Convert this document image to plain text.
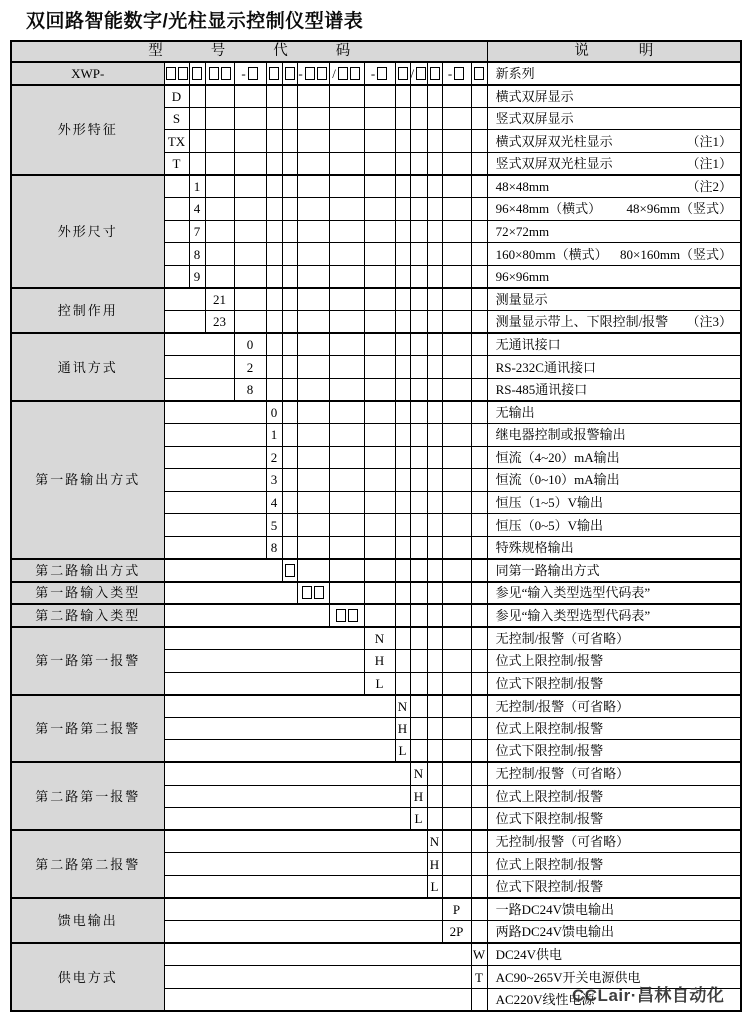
双回路智能数字/光柱显示控制仪型谱表
型号代码															说明
XWP-				-			-	/	-		/		-		新系列

外形特征	D														横式双屏显示

	S														竖式双屏显示

	TX														横式双屏双光柱显示 （注1）

	T														竖式双屏双光柱显示 （注1）

外形尺寸		1													48×48mm （注2）

		4													96×48mm（横式） 48×96mm（竖式）

		7													72×72mm

		8													160×80mm（横式） 80×160mm（竖式）

		9													96×96mm

控制作用			21												测量显示

			23												测量显示带上、下限控制/报警 （注3）

通讯方式				0											无通讯接口

				2											RS-232C通讯接口

				8											RS-485通讯接口

第一路输出方式					0										无输出

					1										继电器控制或报警输出

					2										恒流（4~20）mA输出

					3										恒流（0~10）mA输出

					4										恒压（1~5）V输出

					5										恒压（0~5）V输出

					8										特殊规格输出

第二路输出方式															同第一路输出方式

第一路输入类型															参见“输入类型选型代码表”

第二路输入类型															参见“输入类型选型代码表”

第一路第一报警									N						无控制/报警（可省略）

									H						位式上限控制/报警

									L						位式下限控制/报警

第一路第二报警										N					无控制/报警（可省略）

										H					位式上限控制/报警

										L					位式下限控制/报警

第二路第一报警											N				无控制/报警（可省略）

											H				位式上限控制/报警

											L				位式下限控制/报警

第二路第二报警												N			无控制/报警（可省略）

												H			位式上限控制/报警

												L			位式下限控制/报警

馈电输出													P		一路DC24V馈电输出

													2P		两路DC24V馈电输出

供电方式														W	DC24V供电

														T	AC90~265V开关电源供电

															AC220V线性电源
CCLair·昌林自动化
